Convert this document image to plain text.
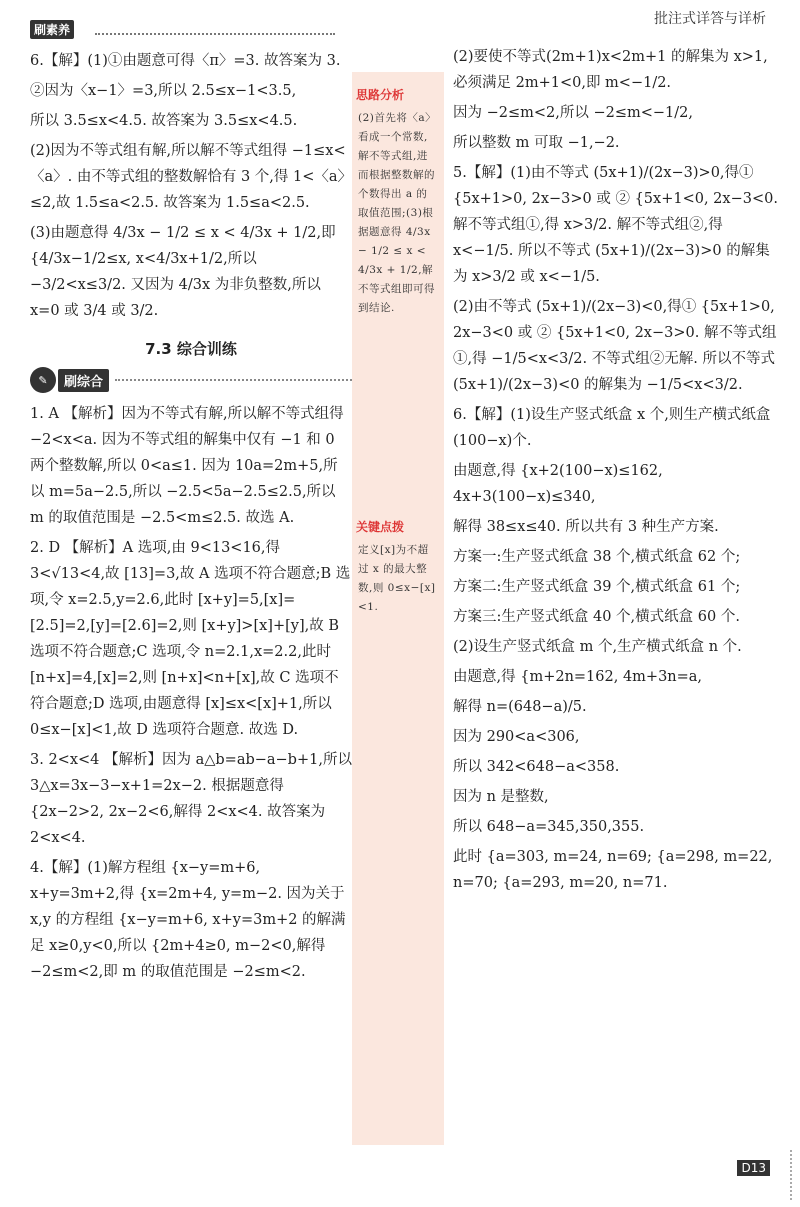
刷素养
批注式详答与详析

6.【解】(1)①由题意可得〈π〉=3. 故答案为 3.

②因为〈x−1〉=3,所以 2.5≤x−1<3.5,

所以 3.5≤x<4.5. 故答案为 3.5≤x<4.5.

(2)因为不等式组有解,所以解不等式组得 −1≤x<〈a〉. 由不等式组的整数解恰有 3 个,得 1<〈a〉≤2,故 1.5≤a<2.5. 故答案为 1.5≤a<2.5.

(3)由题意得 4/3x − 1/2 ≤ x < 4/3x + 1/2,即 {4/3x−1/2≤x, x<4/3x+1/2,所以 −3/2<x≤3/2. 又因为 4/3x 为非负整数,所以 x=0 或 3/4 或 3/2.

7.3 综合训练
✎	刷综合

1. A 【解析】因为不等式有解,所以解不等式组得 −2<x<a. 因为不等式组的解集中仅有 −1 和 0 两个整数解,所以 0<a≤1. 因为 10a=2m+5,所以 m=5a−2.5,所以 −2.5<5a−2.5≤2.5,所以 m 的取值范围是 −2.5<m≤2.5. 故选 A.

2. D 【解析】A 选项,由 9<13<16,得 3<√13<4,故 [13]=3,故 A 选项不符合题意;B 选项,令 x=2.5,y=2.6,此时 [x+y]=5,[x]=[2.5]=2,[y]=[2.6]=2,则 [x+y]>[x]+[y],故 B 选项不符合题意;C 选项,令 n=2.1,x=2.2,此时 [n+x]=4,[x]=2,则 [n+x]<n+[x],故 C 选项不符合题意;D 选项,由题意得 [x]≤x<[x]+1,所以 0≤x−[x]<1,故 D 选项符合题意. 故选 D.

3. 2<x<4 【解析】因为 a△b=ab−a−b+1,所以 3△x=3x−3−x+1=2x−2. 根据题意得 {2x−2>2, 2x−2<6,解得 2<x<4. 故答案为 2<x<4.

4.【解】(1)解方程组 {x−y=m+6, x+y=3m+2,得 {x=2m+4, y=m−2. 因为关于 x,y 的方程组 {x−y=m+6, x+y=3m+2 的解满足 x≥0,y<0,所以 {2m+4≥0, m−2<0,解得 −2≤m<2,即 m 的取值范围是 −2≤m<2.

思路分析
(2)首先将〈a〉看成一个常数,解不等式组,进而根据整数解的个数得出 a 的取值范围;(3)根据题意得 4/3x − 1/2 ≤ x < 4/3x + 1/2,解不等式组即可得到结论.
关键点拨
定义[x]为不超过 x 的最大整数,则 0≤x−[x]<1.

(2)要使不等式(2m+1)x<2m+1 的解集为 x>1,必须满足 2m+1<0,即 m<−1/2.

因为 −2≤m<2,所以 −2≤m<−1/2,

所以整数 m 可取 −1,−2.

5.【解】(1)由不等式 (5x+1)/(2x−3)>0,得① {5x+1>0, 2x−3>0 或 ② {5x+1<0, 2x−3<0. 解不等式组①,得 x>3/2. 解不等式组②,得 x<−1/5. 所以不等式 (5x+1)/(2x−3)>0 的解集为 x>3/2 或 x<−1/5.

(2)由不等式 (5x+1)/(2x−3)<0,得① {5x+1>0, 2x−3<0 或 ② {5x+1<0, 2x−3>0. 解不等式组①,得 −1/5<x<3/2. 不等式组②无解. 所以不等式 (5x+1)/(2x−3)<0 的解集为 −1/5<x<3/2.

6.【解】(1)设生产竖式纸盒 x 个,则生产横式纸盒(100−x)个.

由题意,得 {x+2(100−x)≤162, 4x+3(100−x)≤340,

解得 38≤x≤40. 所以共有 3 种生产方案.

方案一:生产竖式纸盒 38 个,横式纸盒 62 个;

方案二:生产竖式纸盒 39 个,横式纸盒 61 个;

方案三:生产竖式纸盒 40 个,横式纸盒 60 个.

(2)设生产竖式纸盒 m 个,生产横式纸盒 n 个.

由题意,得 {m+2n=162, 4m+3n=a,

解得 n=(648−a)/5.

因为 290<a<306,

所以 342<648−a<358.

因为 n 是整数,

所以 648−a=345,350,355.

此时 {a=303, m=24, n=69; {a=298, m=22, n=70; {a=293, m=20, n=71.

D13
